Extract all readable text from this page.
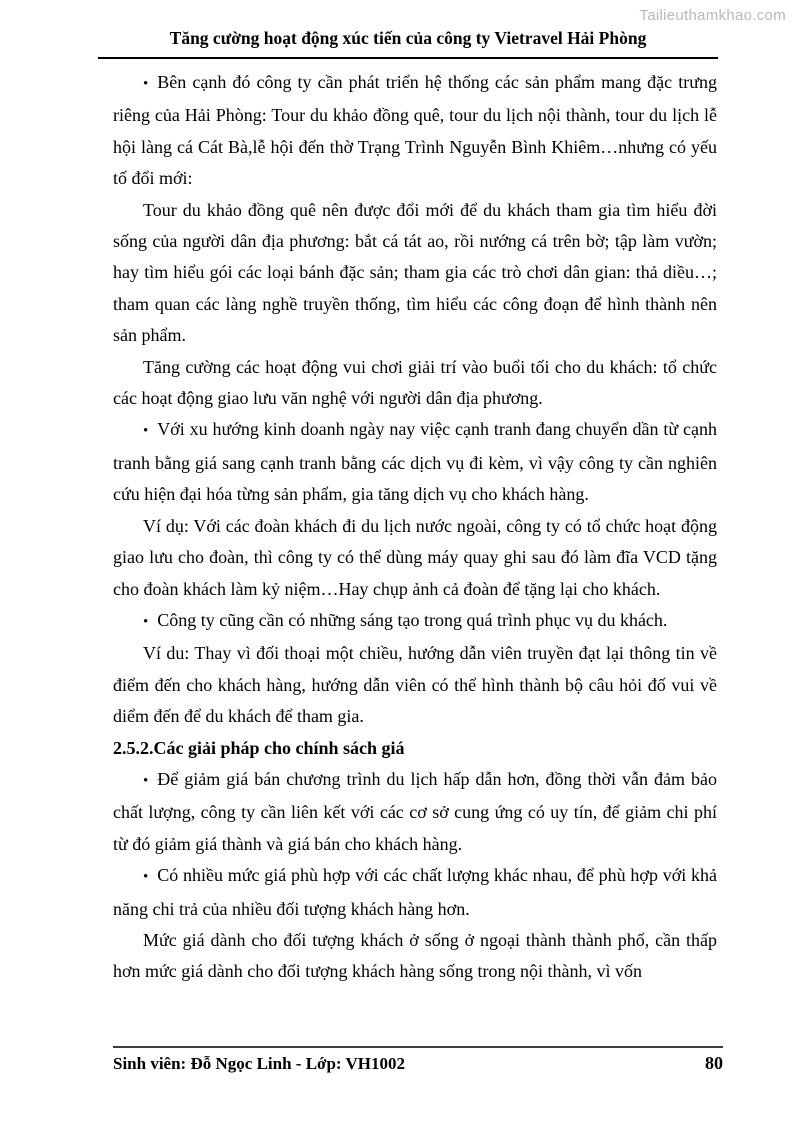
Tailieuthamkhao.com
Tăng cường hoạt động xúc tiến của công ty Vietravel Hải Phòng

• Bên cạnh đó công ty cần phát triển hệ thống các sản phẩm mang đặc trưng riêng của Hải Phòng: Tour du khảo đồng quê, tour du lịch nội thành, tour du lịch lễ hội làng cá Cát Bà,lễ hội đến thờ Trạng Trình Nguyễn Bình Khiêm…nhưng có yếu tố đổi mới:

Tour du khảo đồng quê nên được đổi mới để du khách tham gia tìm hiểu đời sống của người dân địa phương: bắt cá tát ao, rồi nướng cá trên bờ; tập làm vườn; hay tìm hiểu gói các loại bánh đặc sản; tham gia các trò chơi dân gian: thả diều…; tham quan các làng nghề truyền thống, tìm hiểu các công đoạn để hình thành nên sản phẩm.

Tăng cường các hoạt động vui chơi giải trí vào buổi tối cho du khách: tổ chức các hoạt động giao lưu văn nghệ với người dân địa phương.

• Với xu hướng kinh doanh ngày nay việc cạnh tranh đang chuyển dần từ cạnh tranh bằng giá sang cạnh tranh bằng các dịch vụ đi kèm, vì vậy công ty cần nghiên cứu hiện đại hóa từng sản phẩm, gia tăng dịch vụ cho khách hàng.

Ví dụ: Với các đoàn khách đi du lịch nước ngoài, công ty có tổ chức hoạt động giao lưu cho đoàn, thì công ty có thể dùng máy quay ghi sau đó làm đĩa VCD tặng cho đoàn khách làm kỷ niệm…Hay chụp ảnh cả đoàn để tặng lại cho khách.

• Công ty cũng cần có những sáng tạo trong quá trình phục vụ du khách.

Ví du: Thay vì đối thoại một chiều, hướng dẫn viên truyền đạt lại thông tin về điểm đến cho khách hàng, hướng dẫn viên có thể hình thành bộ câu hỏi đố vui về diểm đến để du khách để tham gia.

2.5.2.Các giải pháp cho chính sách giá

• Để giảm giá bán chương trình du lịch hấp dẫn hơn, đồng thời vẫn đảm bảo chất lượng, công ty cần liên kết với các cơ sở cung ứng có uy tín, để giảm chi phí từ đó giảm giá thành và giá bán cho khách hàng.

• Có nhiều mức giá phù hợp với các chất lượng khác nhau, để phù hợp với khả năng chi trả của nhiều đối tượng khách hàng hơn.

Mức giá dành cho đối tượng khách ở sống ở ngoại thành thành phố, cần thấp hơn mức giá dành cho đối tượng khách hàng sống trong nội thành, vì vốn

Sinh viên: Đỗ Ngọc Linh - Lớp: VH1002	80
